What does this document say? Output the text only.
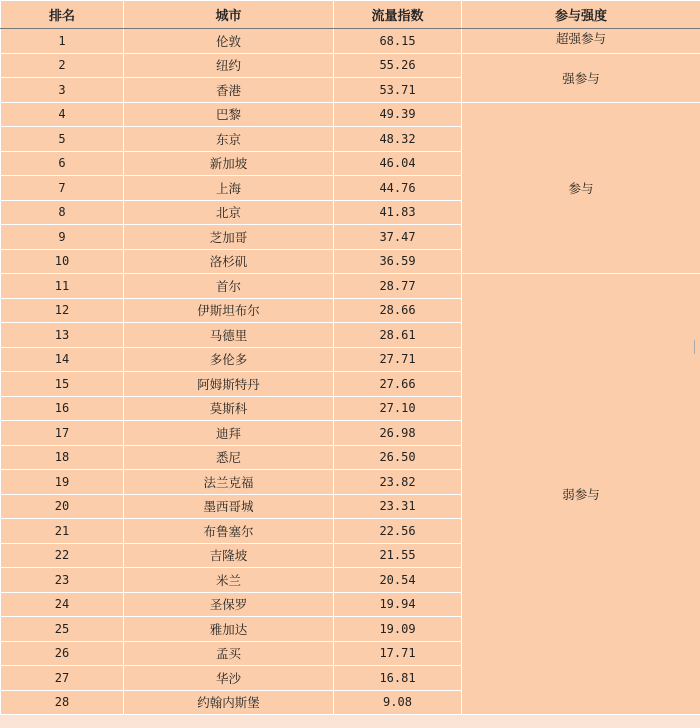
排名	城市	流量指数	参与强度
1	伦敦	68.15	超强参与
2	纽约	55.26	强参与
3	香港	53.71	
4	巴黎	49.39	参与
5	东京	48.32	
6	新加坡	46.04	
7	上海	44.76	
8	北京	41.83	
9	芝加哥	37.47	
10	洛杉矶	36.59	
11	首尔	28.77	弱参与
12	伊斯坦布尔	28.66	
13	马德里	28.61	
14	多伦多	27.71	
15	阿姆斯特丹	27.66	
16	莫斯科	27.10	
17	迪拜	26.98	
18	悉尼	26.50	
19	法兰克福	23.82	
20	墨西哥城	23.31	
21	布鲁塞尔	22.56	
22	吉隆坡	21.55	
23	米兰	20.54	
24	圣保罗	19.94	
25	雅加达	19.09	
26	孟买	17.71	
27	华沙	16.81	
28	约翰内斯堡	9.08	
